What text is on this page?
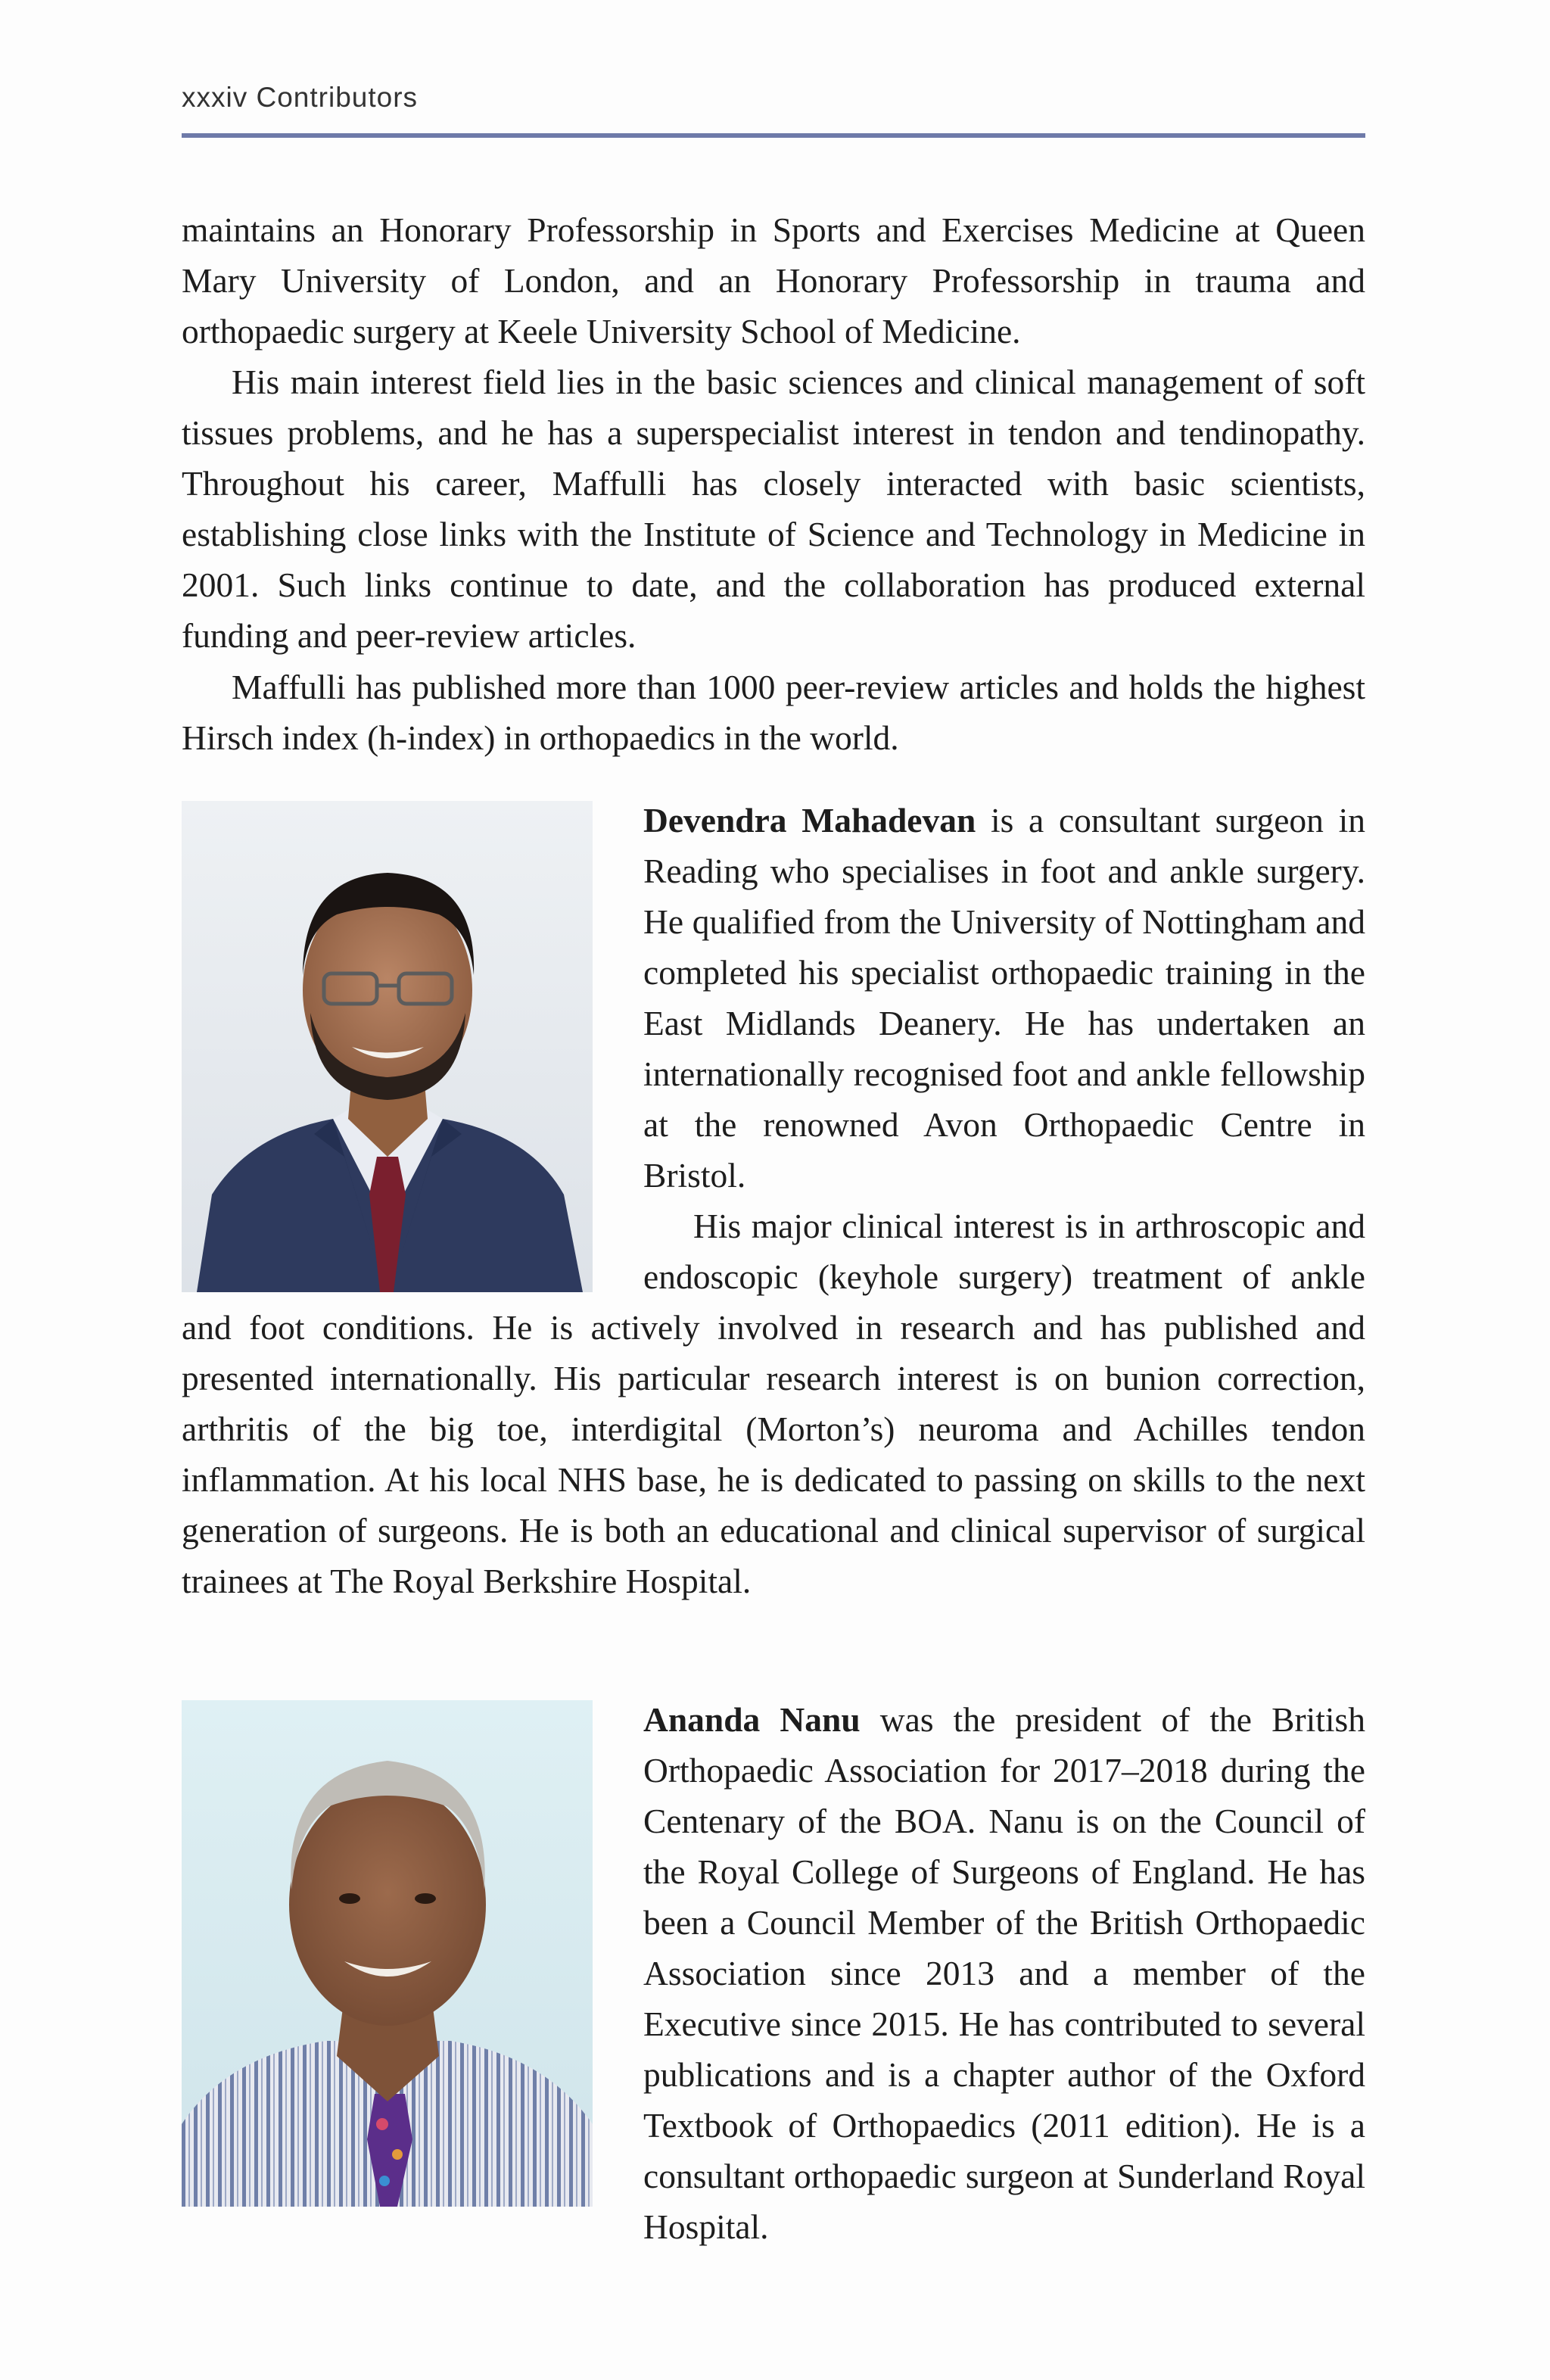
xxxiv Contributors

maintains an Honorary Professorship in Sports and Exercises Medicine at Queen Mary University of London, and an Honorary Professorship in trauma and orthopaedic surgery at Keele University School of Medicine.

His main interest field lies in the basic sciences and clinical management of soft tissues problems, and he has a superspecialist interest in tendon and tendinopathy. Throughout his career, Maffulli has closely interacted with basic scientists, establishing close links with the Institute of Science and Technology in Medicine in 2001. Such links continue to date, and the collaboration has produced external funding and peer-review articles.

Maffulli has published more than 1000 peer-review articles and holds the highest Hirsch index (h-index) in orthopaedics in the world.

Devendra Mahadevan is a consultant surgeon in Reading who specialises in foot and ankle surgery. He qualified from the University of Nottingham and completed his specialist orthopaedic training in the East Midlands Deanery. He has undertaken an internationally recognised foot and ankle fellowship at the renowned Avon Orthopaedic Centre in Bristol.

His major clinical interest is in arthroscopic and endoscopic (keyhole surgery) treatment of ankle and foot conditions. He is actively involved in research and has published and presented internationally. His particular research interest is on bunion correction, arthritis of the big toe, interdigital (Morton’s) neuroma and Achilles tendon inflammation. At his local NHS base, he is dedicated to passing on skills to the next generation of surgeons. He is both an educational and clinical supervisor of surgical trainees at The Royal Berkshire Hospital.

Ananda Nanu was the president of the British Orthopaedic Association for 2017–2018 during the Centenary of the BOA. Nanu is on the Council of the Royal College of Surgeons of England. He has been a Council Member of the British Orthopaedic Association since 2013 and a member of the Executive since 2015. He has contributed to several publications and is a chapter author of the Oxford Textbook of Orthopaedics (2011 edition). He is a consultant orthopaedic surgeon at Sunderland Royal Hospital.
